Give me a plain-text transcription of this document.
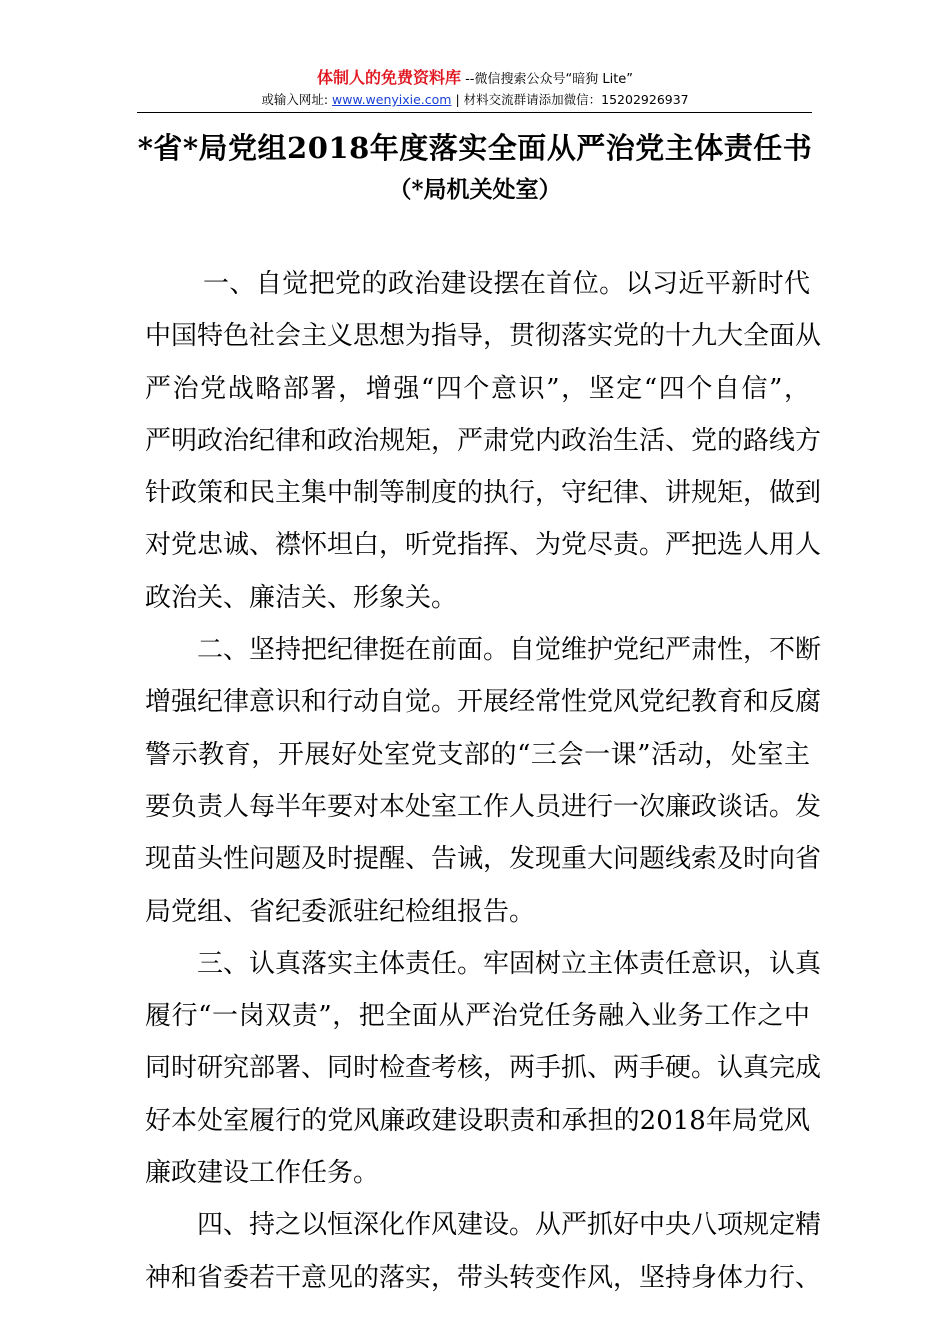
体制人的免费资料库 --微信搜索公众号“暗狗 Lite”
或输入网址: www.wenyixie.com | 材料交流群请添加微信：15202926937
*省*局党组2018年度落实全面从严治党主体责任书
（*局机关处室）
一、自觉把党的政治建设摆在首位。以习近平新时代
中国特色社会主义思想为指导，贯彻落实党的十九大全面从
严治党战略部署，增强“四个意识”，坚定“四个自信”，
严明政治纪律和政治规矩，严肃党内政治生活、党的路线方
针政策和民主集中制等制度的执行，守纪律、讲规矩，做到
对党忠诚、襟怀坦白，听党指挥、为党尽责。严把选人用人
政治关、廉洁关、形象关。
二、坚持把纪律挺在前面。自觉维护党纪严肃性，不断
增强纪律意识和行动自觉。开展经常性党风党纪教育和反腐
警示教育，开展好处室党支部的“三会一课”活动，处室主
要负责人每半年要对本处室工作人员进行一次廉政谈话。发
现苗头性问题及时提醒、告诫，发现重大问题线索及时向省
局党组、省纪委派驻纪检组报告。
三、认真落实主体责任。牢固树立主体责任意识，认真
履行“一岗双责”，把全面从严治党任务融入业务工作之中
同时研究部署、同时检查考核，两手抓、两手硬。认真完成
好本处室履行的党风廉政建设职责和承担的2018年局党风
廉政建设工作任务。
四、持之以恒深化作风建设。从严抓好中央八项规定精
神和省委若干意见的落实，带头转变作风，坚持身体力行、
